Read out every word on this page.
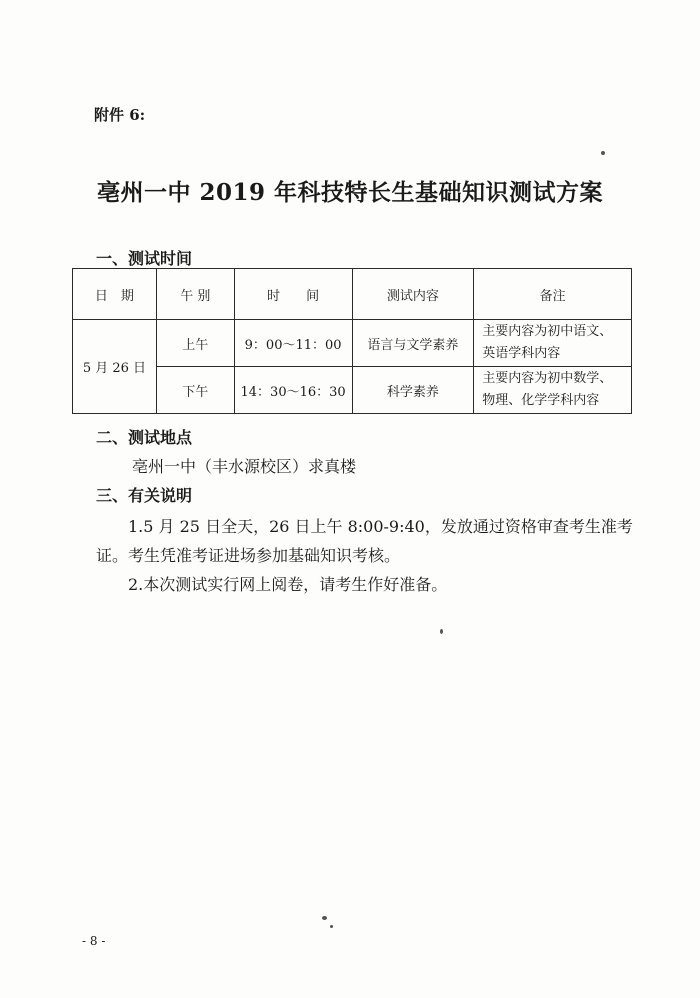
附件 6:
亳州一中 2019 年科技特长生基础知识测试方案
一、测试时间
日　期	午 别	时　　间	测试内容	备注
5 月 26 日	上午	9：00～11：00	语言与文学素养	主要内容为初中语文、
英语学科内容

	下午	14：30～16：30	科学素养	主要内容为初中数学、
物理、化学学科内容
二、测试地点
亳州一中（丰水源校区）求真楼
三、有关说明

1.5 月 25 日全天，26 日上午 8:00-9:40，发放通过资格审查考生准考证。考生凭准考证进场参加基础知识考核。

2.本次测试实行网上阅卷，请考生作好准备。

- 8 -
